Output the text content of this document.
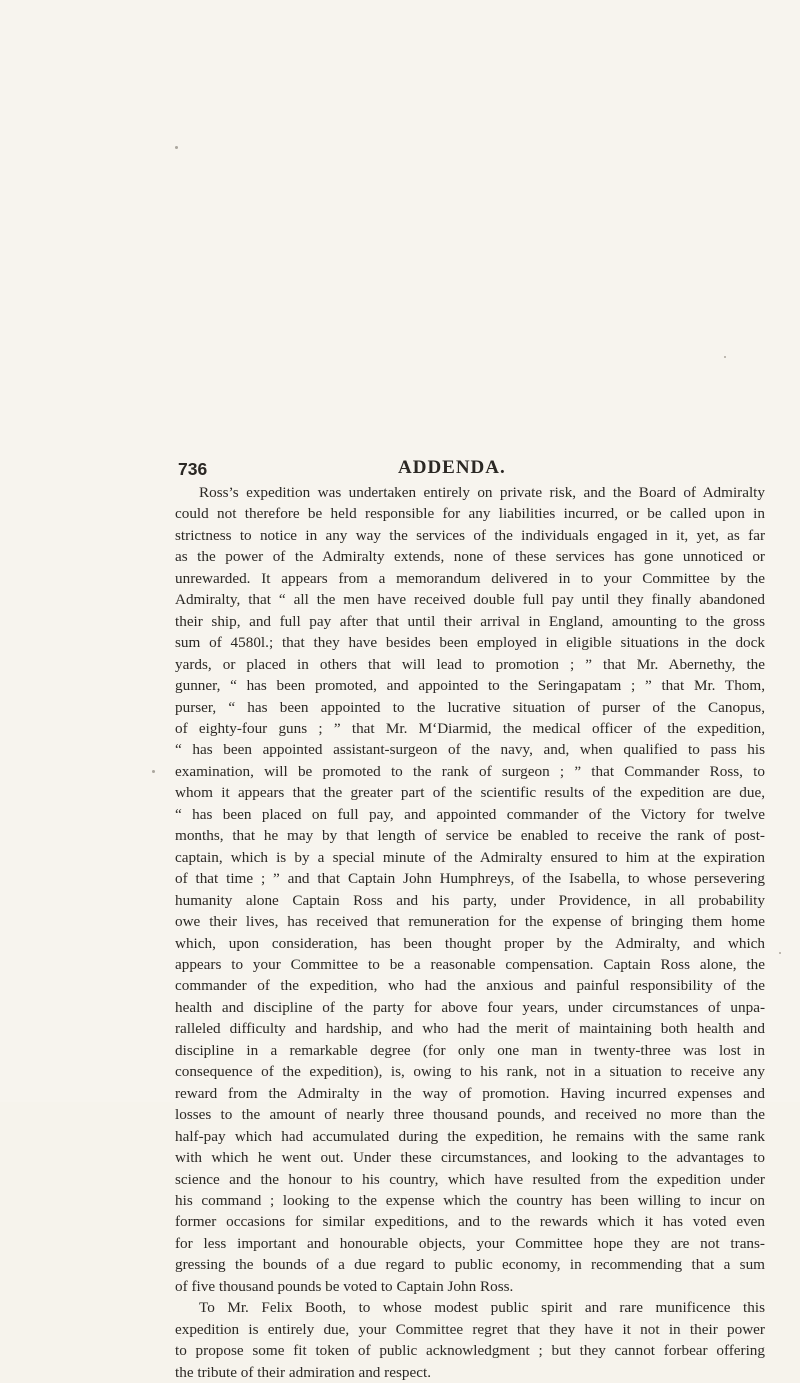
736	ADDENDA.

Ross’s expedition was undertaken entirely on private risk, and the Board of Admiralty
could not therefore be held responsible for any liabilities incurred, or be called upon in
strictness to notice in any way the services of the individuals engaged in it, yet, as far
as the power of the Admiralty extends, none of these services has gone unnoticed or
unrewarded. It appears from a memorandum delivered in to your Committee by the
Admiralty, that “ all the men have received double full pay until they finally abandoned
their ship, and full pay after that until their arrival in England, amounting to the gross
sum of 4580l.; that they have besides been employed in eligible situations in the dock
yards, or placed in others that will lead to promotion ; ” that Mr. Abernethy, the
gunner, “ has been promoted, and appointed to the Seringapatam ; ” that Mr. Thom,
purser, “ has been appointed to the lucrative situation of purser of the Canopus,
of eighty-four guns ; ” that Mr. M‘Diarmid, the medical officer of the expedition,
“ has been appointed assistant-surgeon of the navy, and, when qualified to pass his
examination, will be promoted to the rank of surgeon ; ” that Commander Ross, to
whom it appears that the greater part of the scientific results of the expedition are due,
“ has been placed on full pay, and appointed commander of the Victory for twelve
months, that he may by that length of service be enabled to receive the rank of post-
captain, which is by a special minute of the Admiralty ensured to him at the expiration
of that time ; ” and that Captain John Humphreys, of the Isabella, to whose persevering
humanity alone Captain Ross and his party, under Providence, in all probability
owe their lives, has received that remuneration for the expense of bringing them home
which, upon consideration, has been thought proper by the Admiralty, and which
appears to your Committee to be a reasonable compensation. Captain Ross alone, the
commander of the expedition, who had the anxious and painful responsibility of the
health and discipline of the party for above four years, under circumstances of unpa-
ralleled difficulty and hardship, and who had the merit of maintaining both health and
discipline in a remarkable degree (for only one man in twenty-three was lost in
consequence of the expedition), is, owing to his rank, not in a situation to receive any
reward from the Admiralty in the way of promotion. Having incurred expenses and
losses to the amount of nearly three thousand pounds, and received no more than the
half-pay which had accumulated during the expedition, he remains with the same rank
with which he went out. Under these circumstances, and looking to the advantages to
science and the honour to his country, which have resulted from the expedition under
his command ; looking to the expense which the country has been willing to incur on
former occasions for similar expeditions, and to the rewards which it has voted even
for less important and honourable objects, your Committee hope they are not trans-
gressing the bounds of a due regard to public economy, in recommending that a sum
of five thousand pounds be voted to Captain John Ross.

To Mr. Felix Booth, to whose modest public spirit and rare munificence this
expedition is entirely due, your Committee regret that they have it not in their power
to propose some fit token of public acknowledgment ; but they cannot forbear offering
the tribute of their admiration and respect.
